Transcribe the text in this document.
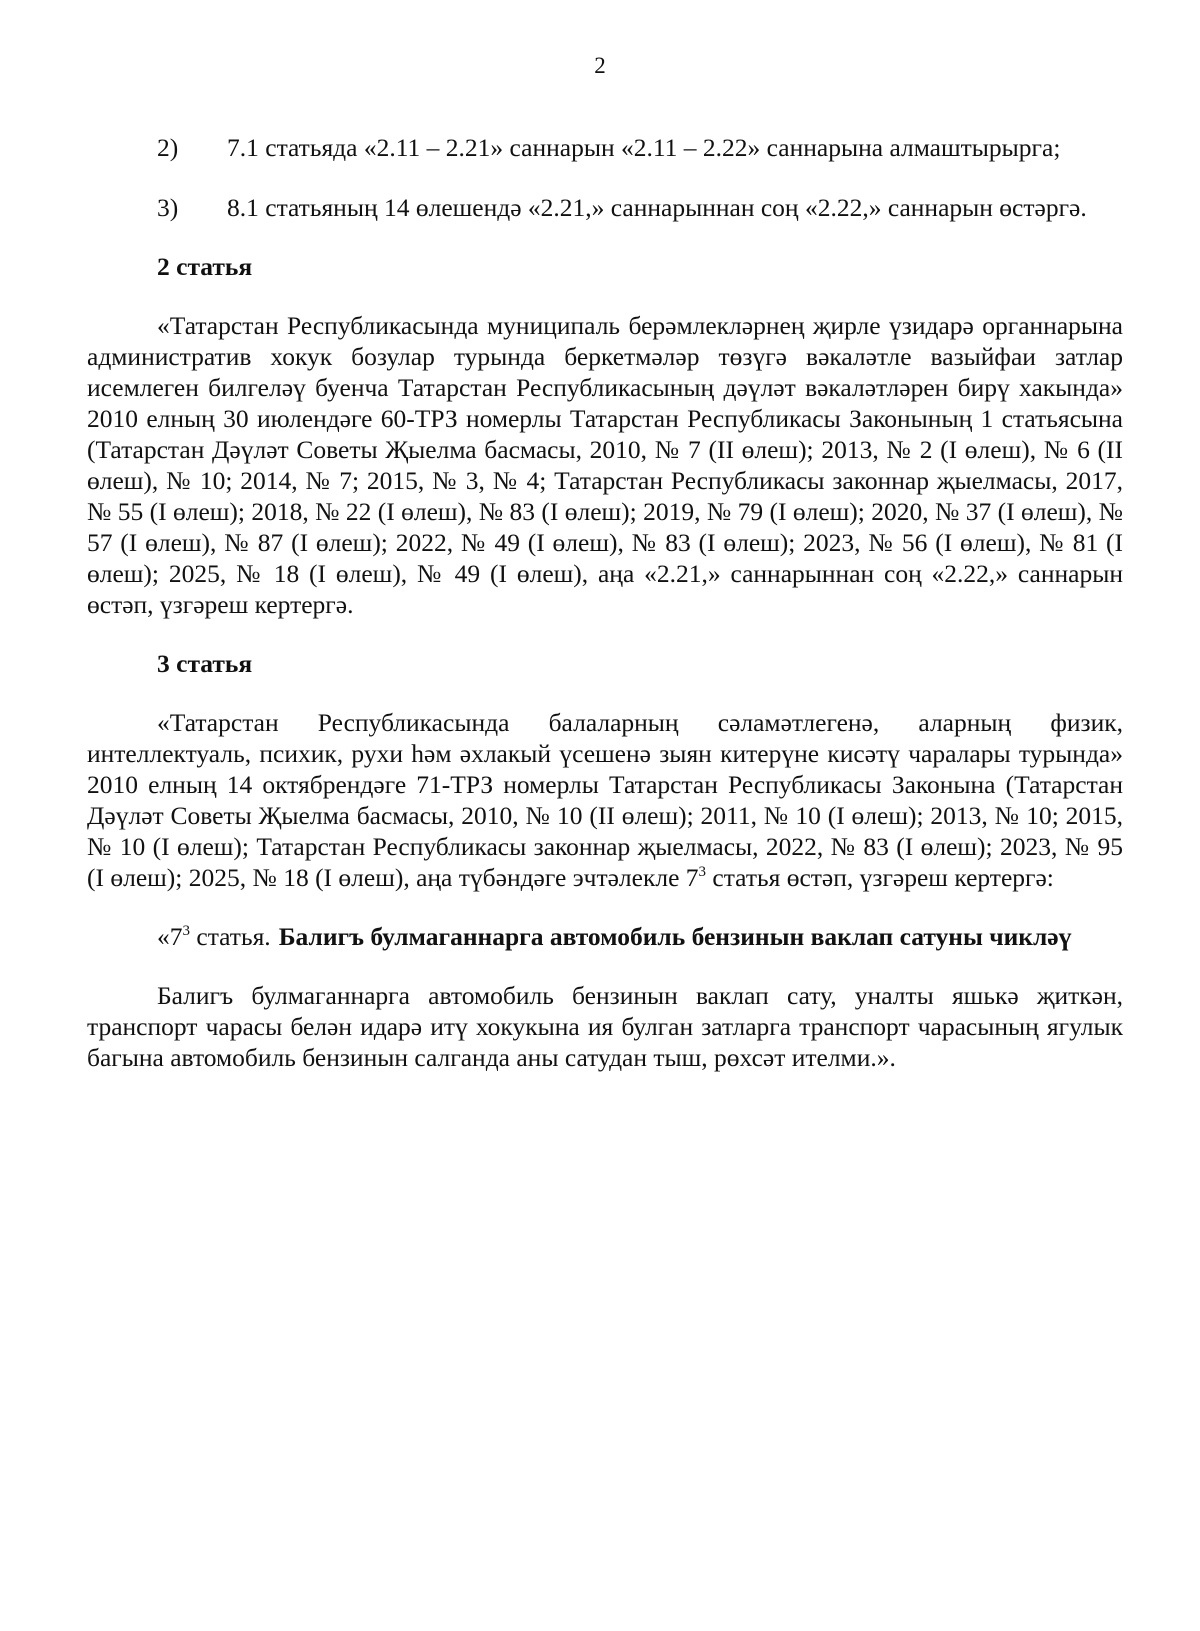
2

2) 7.1 статьяда «2.11 – 2.21» саннарын «2.11 – 2.22» саннарына алмаштырырга;

3) 8.1 статьяның 14 өлешендә «2.21,» саннарыннан соң «2.22,» саннарын өстәргә.

2 статья

«Татарстан Республикасында муниципаль берәмлекләрнең җирле үзидарә органнарына административ хокук бозулар турында беркетмәләр төзүгә вәкаләтле вазыйфаи затлар исемлеген билгеләү буенча Татарстан Республикасының дәүләт вәкаләтләрен бирү хакында» 2010 елның 30 июлендәге 60-ТРЗ номерлы Татарстан Республикасы Законының 1 статьясына (Татарстан Дәүләт Советы Җыелма басмасы, 2010, № 7 (II өлеш); 2013, № 2 (I өлеш), № 6 (II өлеш), № 10; 2014, № 7; 2015, № 3, № 4; Татарстан Республикасы законнар җыелмасы, 2017, № 55 (I өлеш); 2018, № 22 (I өлеш), № 83 (I өлеш); 2019, № 79 (I өлеш); 2020, № 37 (I өлеш), № 57 (I өлеш), № 87 (I өлеш); 2022, № 49 (I өлеш), № 83 (I өлеш); 2023, № 56 (I өлеш), № 81 (I өлеш); 2025, № 18 (I өлеш), № 49 (I өлеш), аңа «2.21,» саннарыннан соң «2.22,» саннарын өстәп, үзгәреш кертергә.

3 статья

«Татарстан Республикасында балаларның сәламәтлегенә, аларның физик, интеллектуаль, психик, рухи һәм әхлакый үсешенә зыян китерүне кисәтү чаралары турында» 2010 елның 14 октябрендәге 71-ТРЗ номерлы Татарстан Республикасы Законына (Татарстан Дәүләт Советы Җыелма басмасы, 2010, № 10 (II өлеш); 2011, № 10 (I өлеш); 2013, № 10; 2015, № 10 (I өлеш); Татарстан Республикасы законнар җыелмасы, 2022, № 83 (I өлеш); 2023, № 95 (I өлеш); 2025, № 18 (I өлеш), аңа түбәндәге эчтәлекле $7^3$ статья өстәп, үзгәреш кертергә:

«$7^3$ статья. Балигъ булмаганнарга автомобиль бензинын ваклап сатуны чикләү

Балигъ булмаганнарга автомобиль бензинын ваклап сату, уналты яшькә җиткән, транспорт чарасы белән идарә итү хокукына ия булган затларга транспорт чарасының ягулык багына автомобиль бензинын салганда аны сатудан тыш, рөхсәт ителми.».
